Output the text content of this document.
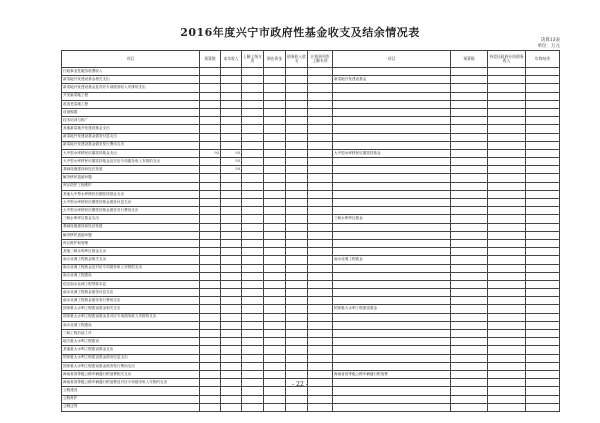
2016年度兴宁市政府性基金收支及结余情况表
决算13表
单位：万元
项目	预算数	本年收入	上解上级支出	调出资金	债务收入收支	计划单列市上解专项	项目	预算数	待偿还政府专项债务收入	年终结余
行政事业性服务收费收入										
新菜地开发建设基金相关支出							新菜地开发建设基金			
新菜地开发建设基金及对应专项债务收入安排的支出										
开发新菜地工程										
改造老菜地工程										
设备购置										
技术培训与推广										
其他新菜地开发建设基金支出										
新菜地开发建设基金债务付息支出										
新菜地开发建设基金债务发行费用支出										
大中型水库移民后期扶持基金支出	93	93					大中型水库移民后期扶持基金			
大中型水库移民后期扶持基金及对应专项债务收入安排的支出		93								
基础设施建设和经济发展		93								
解决移民遗留问题										
库区防护工程维护										
其他大中型水库移民后期扶持基金支出										
大中型水库移民后期扶持基金债务付息支出										
大中型水库移民后期扶持基金债务发行费用支出										
三峡水库库区基金支出							三峡水库库区基金			
基础设施建设和经济发展										
解决移民遗留问题										
库区维护和管理										
其他三峡水库库区基金支出										
南水北调工程基金相关支出							南水北调工程基金			
南水北调工程基金及对应专项债务收入安排的支出										
南水北调工程建设										
偿还南水北调工程贷款本息										
南水北调工程基金债务付息支出										
南水北调工程基金债务发行费用支出										
国家重大水利工程建设基金相关支出							国家重大水利工程建设基金			
国家重大水利工程建设基金及对应专项债务收入安排的支出										
南水北调工程建设										
三峡工程后续工作										
地方重大水利工程建设										
其他重大水利工程建设基金支出										
国家重大水利工程建设基金债务付息支出										
国家重大水利工程建设基金债务发行费用支出										
海南省高等级公路车辆通行附加费相关支出							海南省高等级公路车辆通行附加费			
海南省高等级公路车辆通行附加费及对应专项债务收入安排的支出										
公路建设										
公路养护										
公路还贷										
- 22 -
